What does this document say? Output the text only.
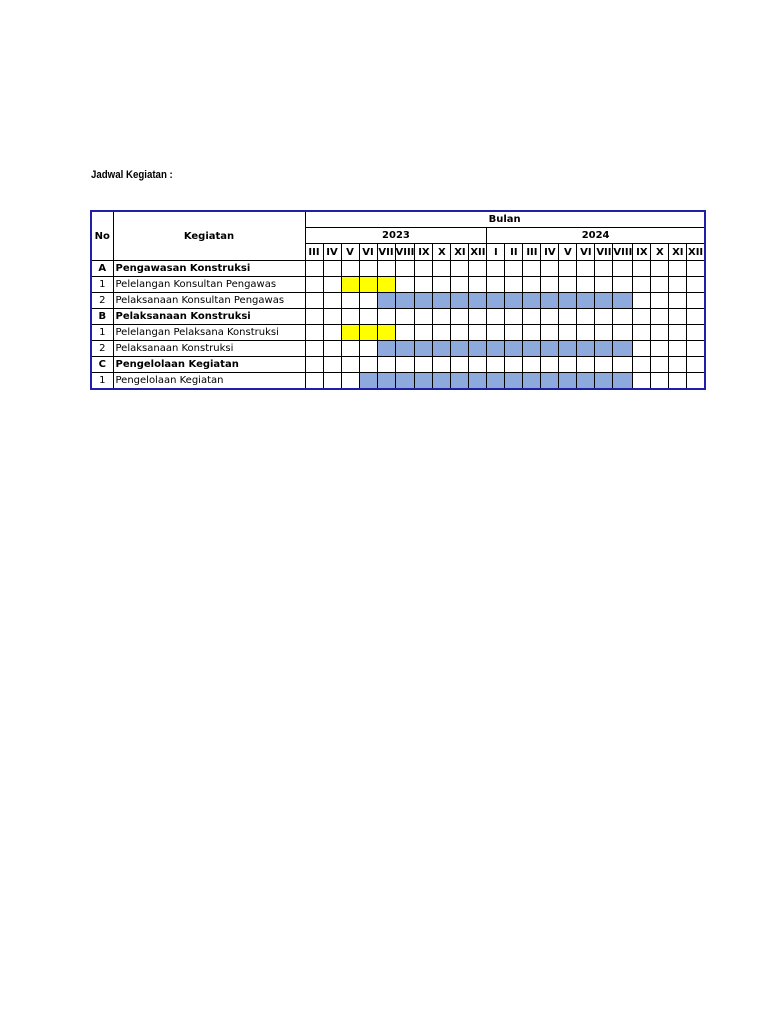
Jadwal Kegiatan :
No	Kegiatan	Bulan																					
		2023										2024											
		III	IV	V	VI	VII	VIII	IX	X	XI	XII	I	II	III	IV	V	VI	VII	VIII	IX	X	XI	XII
A	Pengawasan Konstruksi																						
1	Pelelangan Konsultan Pengawas																						
2	Pelaksanaan Konsultan Pengawas																						
B	Pelaksanaan Konstruksi																						
1	Pelelangan Pelaksana Konstruksi																						
2	Pelaksanaan Konstruksi																						
C	Pengelolaan Kegiatan																						
1	Pengelolaan Kegiatan																						
